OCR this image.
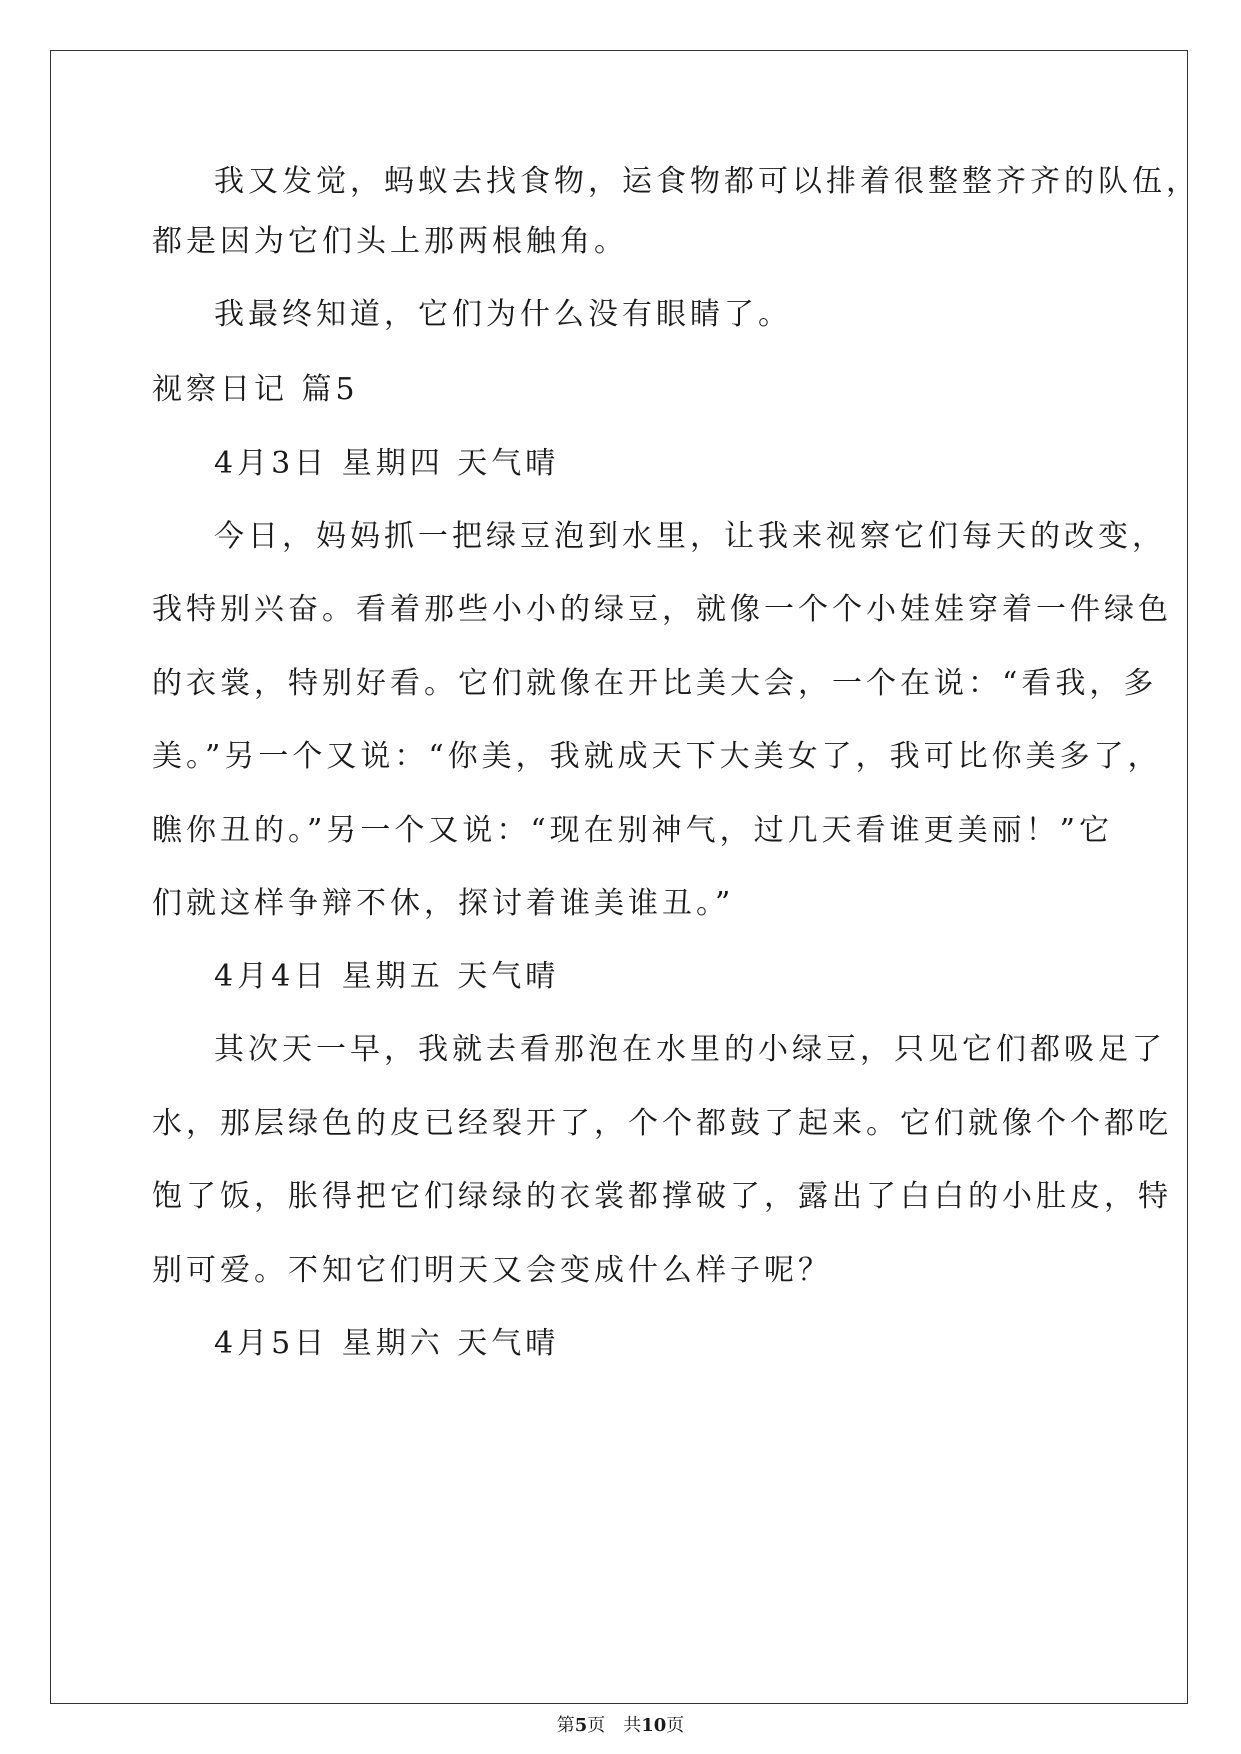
我又发觉，蚂蚁去找食物，运食物都可以排着很整整齐齐的队伍，
都是因为它们头上那两根触角。
我最终知道，它们为什么没有眼睛了。
视察日记 篇5
4月3日 星期四 天气晴
今日，妈妈抓一把绿豆泡到水里，让我来视察它们每天的改变，
我特别兴奋。看着那些小小的绿豆，就像一个个小娃娃穿着一件绿色
的衣裳，特别好看。它们就像在开比美大会，一个在说：“看我，多
美。”另一个又说：“你美，我就成天下大美女了，我可比你美多了，
瞧你丑的。”另一个又说：“现在别神气，过几天看谁更美丽！”它
们就这样争辩不休，探讨着谁美谁丑。”
4月4日 星期五 天气晴
其次天一早，我就去看那泡在水里的小绿豆，只见它们都吸足了
水，那层绿色的皮已经裂开了，个个都鼓了起来。它们就像个个都吃
饱了饭，胀得把它们绿绿的衣裳都撑破了，露出了白白的小肚皮，特
别可爱。不知它们明天又会变成什么样子呢？
4月5日 星期六 天气晴
第5页　共10页
